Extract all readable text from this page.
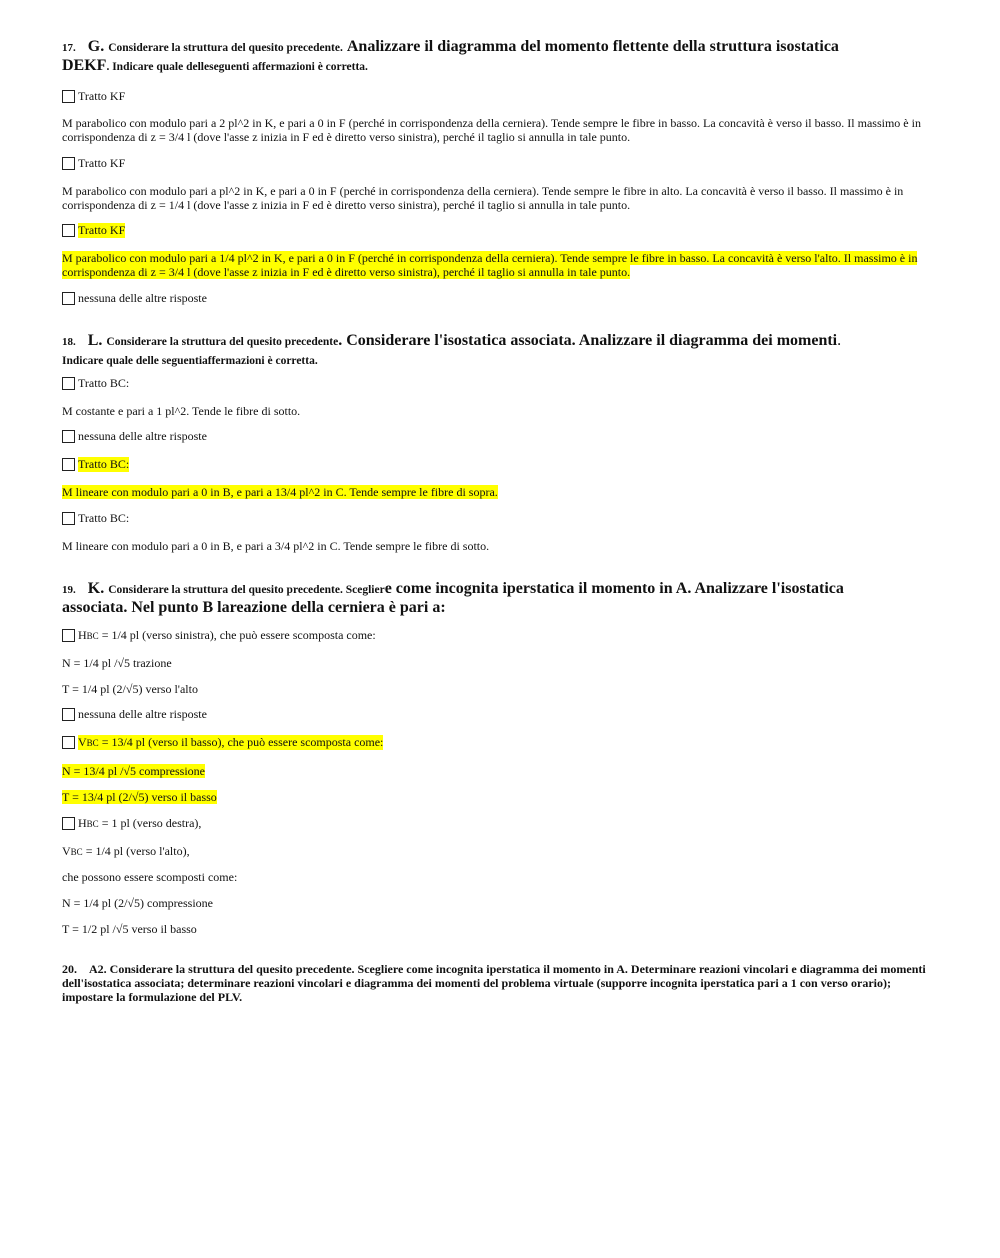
17. G. Considerare la struttura del quesito precedente. Analizzare il diagramma del momento flettente della struttura isostatica
DEKF. Indicare quale delleseguenti affermazioni è corretta.

Tratto KF
M parabolico con modulo pari a 2 pl^2 in K, e pari a 0 in F (perché in corrispondenza della cerniera). Tende sempre le fibre in basso. La concavità è verso il basso. Il massimo è in corrispondenza di z = 3/4 l (dove l'asse z inizia in F ed è diretto verso sinistra), perché il taglio si annulla in tale punto.
Tratto KF
M parabolico con modulo pari a pl^2 in K, e pari a 0 in F (perché in corrispondenza della cerniera). Tende sempre le fibre in alto. La concavità è verso il basso. Il massimo è in corrispondenza di z = 1/4 l (dove l'asse z inizia in F ed è diretto verso sinistra), perché il taglio si annulla in tale punto.
Tratto KF
M parabolico con modulo pari a 1/4 pl^2 in K, e pari a 0 in F (perché in corrispondenza della cerniera). Tende sempre le fibre in basso. La concavità è verso l'alto. Il massimo è in corrispondenza di z = 3/4 l (dove l'asse z inizia in F ed è diretto verso sinistra), perché il taglio si annulla in tale punto.
nessuna delle altre risposte

18. L. Considerare la struttura del quesito precedente. Considerare l'isostatica associata. Analizzare il diagramma dei momenti.
Indicare quale delle seguentiaffermazioni è corretta.

Tratto BC:
M costante e pari a 1 pl^2. Tende le fibre di sotto.
nessuna delle altre risposte
Tratto BC:
M lineare con modulo pari a 0 in B, e pari a 13/4 pl^2 in C. Tende sempre le fibre di sopra.
Tratto BC:
M lineare con modulo pari a 0 in B, e pari a 3/4 pl^2 in C. Tende sempre le fibre di sotto.

19. K. Considerare la struttura del quesito precedente. Scegliere come incognita iperstatica il momento in A. Analizzare l'isostatica
associata. Nel punto B lareazione della cerniera è pari a:

HBC = 1/4 pl (verso sinistra), che può essere scomposta come:
N = 1/4 pl /√5 trazione
T = 1/4 pl (2/√5) verso l'alto
nessuna delle altre risposte
VBC = 13/4 pl (verso il basso), che può essere scomposta come:
N = 13/4 pl /√5 compressione
T = 13/4 pl (2/√5) verso il basso
HBC = 1 pl (verso destra),
VBC = 1/4 pl (verso l'alto),
che possono essere scomposti come:
N = 1/4 pl (2/√5) compressione
T = 1/2 pl /√5 verso il basso
20. A2. Considerare la struttura del quesito precedente. Scegliere come incognita iperstatica il momento in A. Determinare reazioni vincolari e diagramma dei momenti dell'isostatica associata; determinare reazioni vincolari e diagramma dei momenti del problema virtuale (supporre incognita iperstatica pari a 1 con verso orario); impostare la formulazione del PLV.
